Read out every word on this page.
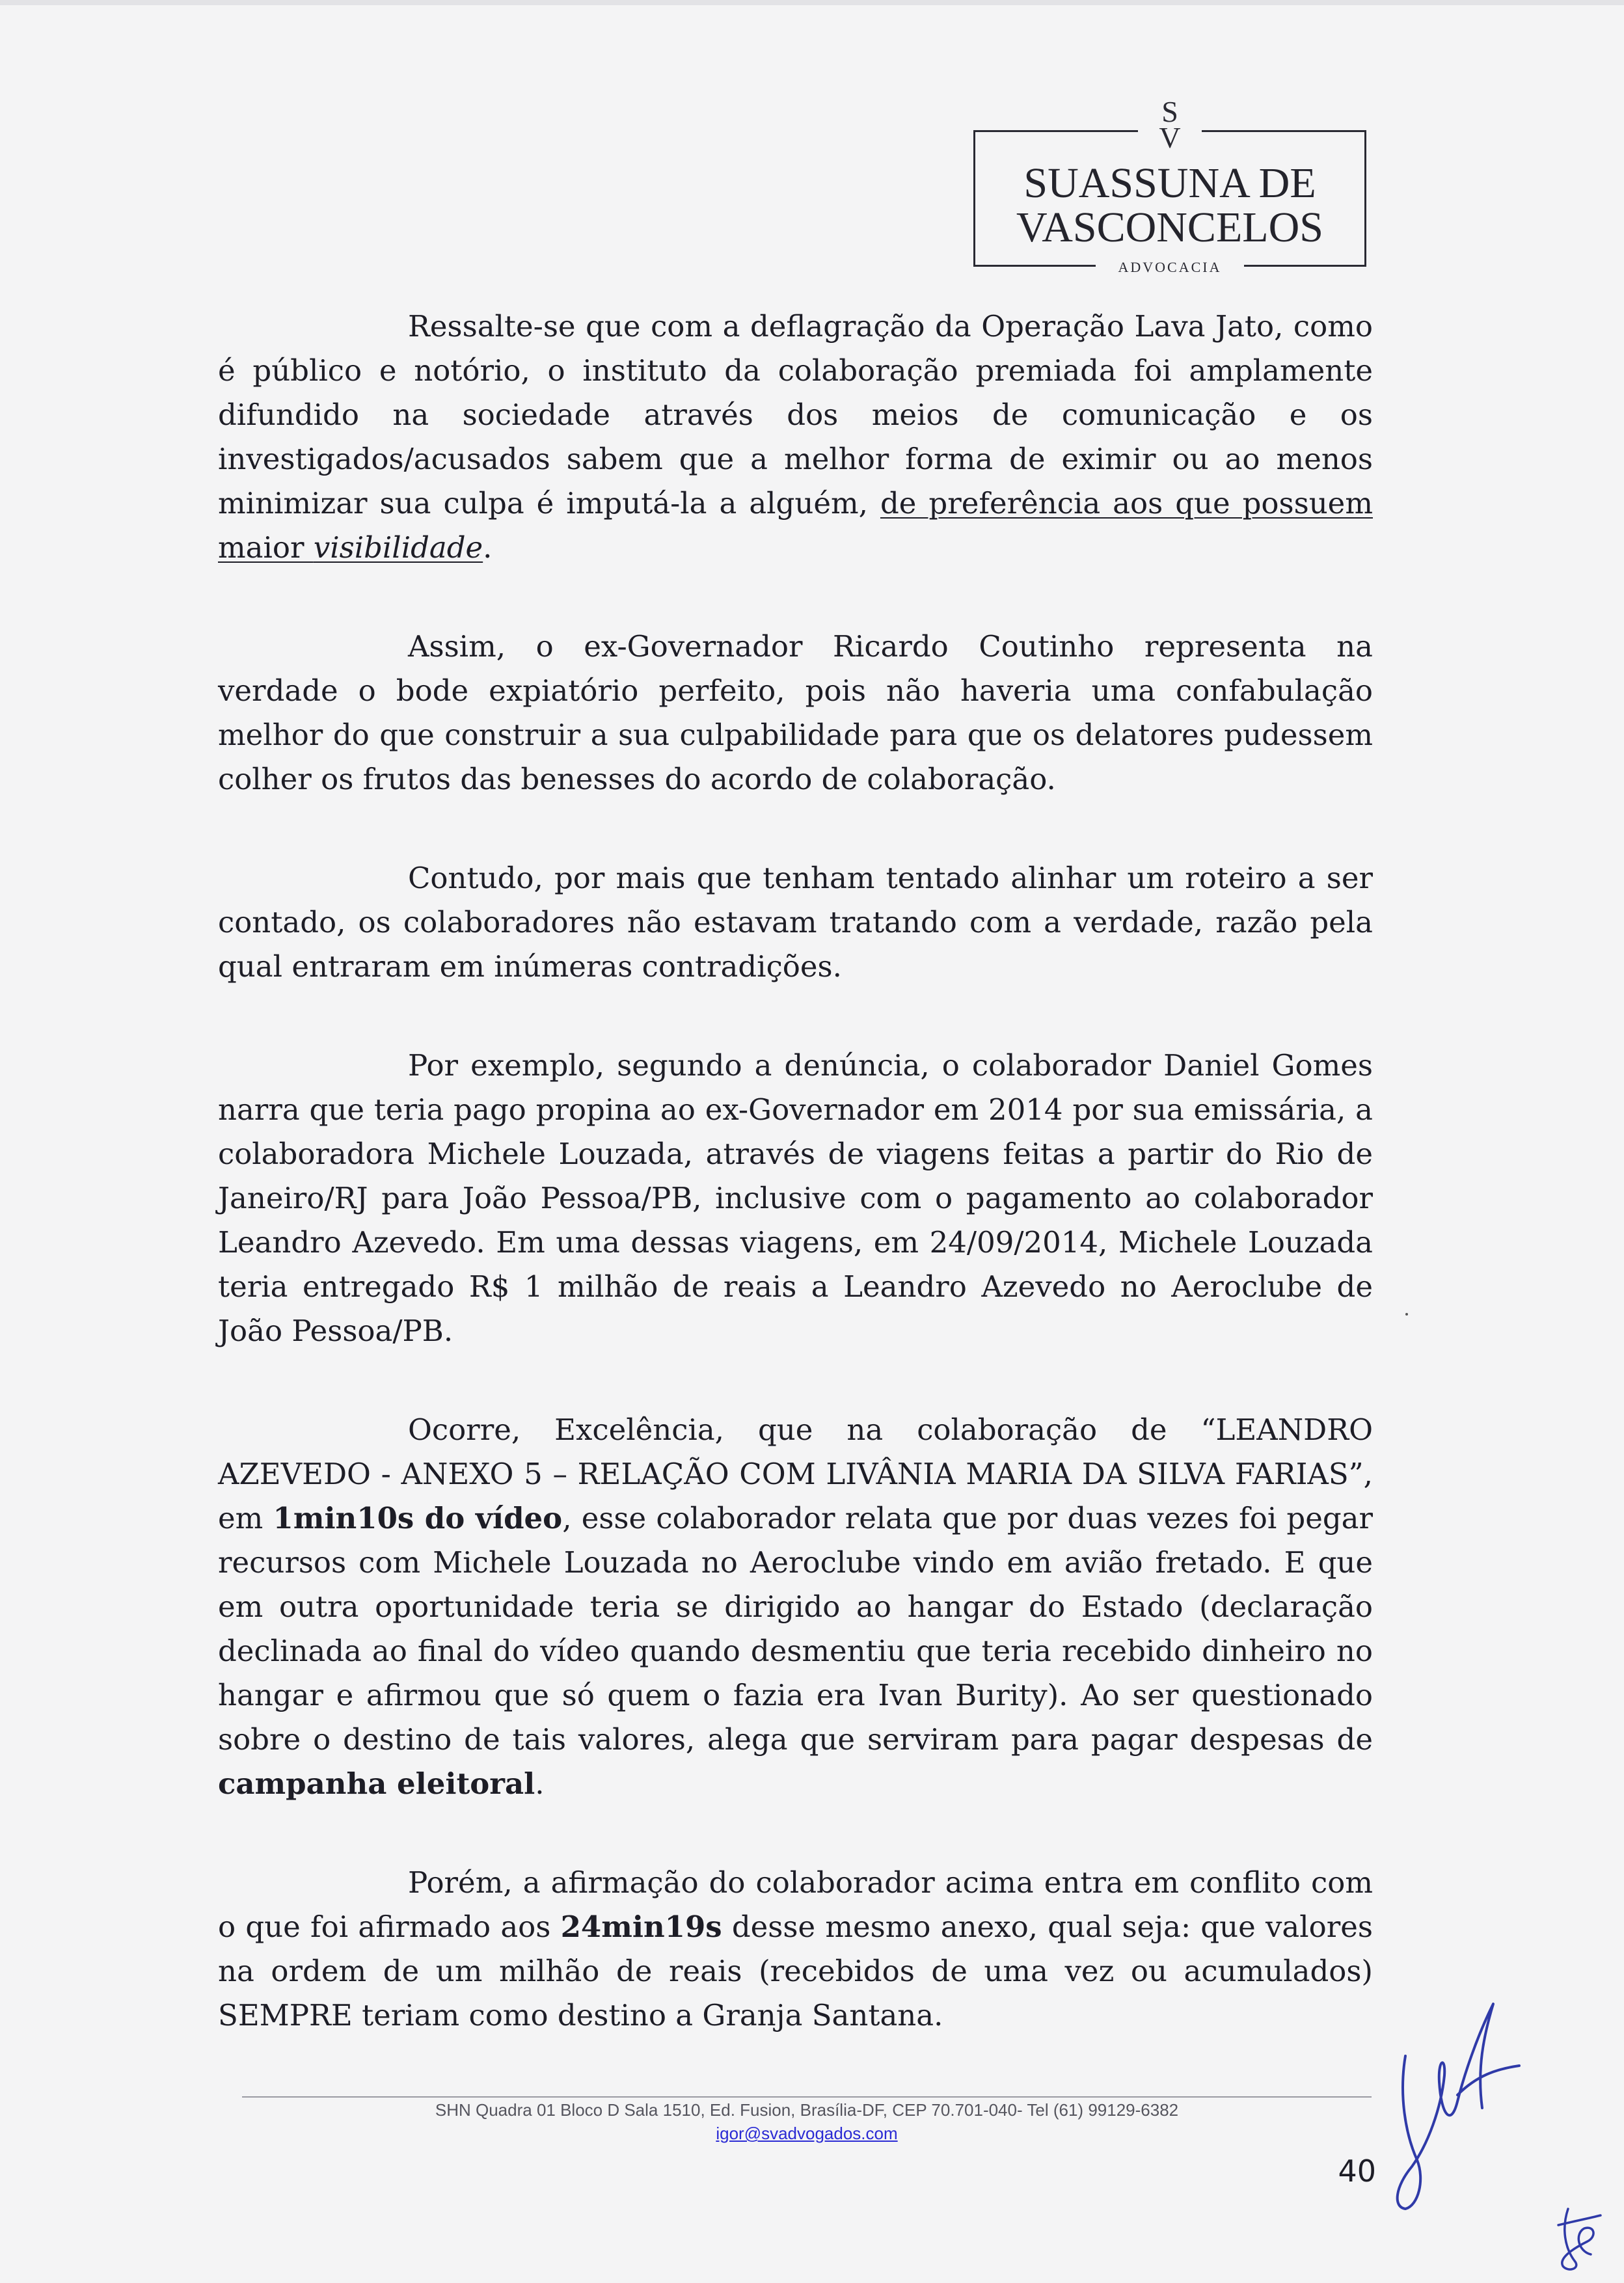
S
V
SUASSUNA DE
VASCONCELOS
ADVOCACIA

Ressalte-se que com a deflagração da Operação Lava Jato, como é público e notório, o instituto da colaboração premiada foi amplamente difundido na sociedade através dos meios de comunicação e os investigados/acusados sabem que a melhor forma de eximir ou ao menos minimizar sua culpa é imputá-la a alguém, de preferência aos que possuem maior visibilidade.

Assim, o ex-Governador Ricardo Coutinho representa na verdade o bode expiatório perfeito, pois não haveria uma confabulação melhor do que construir a sua culpabilidade para que os delatores pudessem colher os frutos das benesses do acordo de colaboração.

Contudo, por mais que tenham tentado alinhar um roteiro a ser contado, os colaboradores não estavam tratando com a verdade, razão pela qual entraram em inúmeras contradições.

Por exemplo, segundo a denúncia, o colaborador Daniel Gomes narra que teria pago propina ao ex-Governador em 2014 por sua emissária, a colaboradora Michele Louzada, através de viagens feitas a partir do Rio de Janeiro/RJ para João Pessoa/PB, inclusive com o pagamento ao colaborador Leandro Azevedo. Em uma dessas viagens, em 24/09/2014, Michele Louzada teria entregado R$ 1 milhão de reais a Leandro Azevedo no Aeroclube de João Pessoa/PB.

Ocorre, Excelência, que na colaboração de “LEANDRO AZEVEDO - ANEXO 5 – RELAÇÃO COM LIVÂNIA MARIA DA SILVA FARIAS”, em 1min10s do vídeo, esse colaborador relata que por duas vezes foi pegar recursos com Michele Louzada no Aeroclube vindo em avião fretado. E que em outra oportunidade teria se dirigido ao hangar do Estado (declaração declinada ao final do vídeo quando desmentiu que teria recebido dinheiro no hangar e afirmou que só quem o fazia era Ivan Burity). Ao ser questionado sobre o destino de tais valores, alega que serviram para pagar despesas de campanha eleitoral.

Porém, a afirmação do colaborador acima entra em conflito com o que foi afirmado aos 24min19s desse mesmo anexo, qual seja: que valores na ordem de um milhão de reais (recebidos de uma vez ou acumulados) SEMPRE teriam como destino a Granja Santana.

SHN Quadra 01 Bloco D Sala 1510, Ed. Fusion, Brasília-DF, CEP 70.701-040- Tel (61) 99129-6382
igor@svadvogados.com
40
